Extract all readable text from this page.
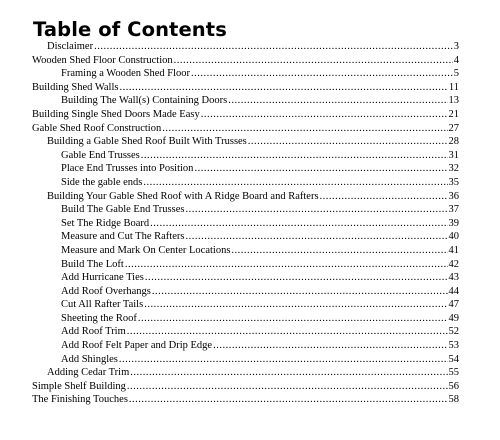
Table of Contents
Disclaimer .....	3
Wooden Shed Floor Construction .....	4
Framing a Wooden Shed Floor .....	5
Building Shed Walls .....	11
Building The Wall(s) Containing Doors .....	13
Building Single Shed Doors Made Easy .....	21
Gable Shed Roof Construction .....	27
Building a Gable Shed Roof Built With Trusses .....	28
Gable End Trusses .....	31
Place End Trusses into Position .....	32
Side the gable ends .....	35
Building Your Gable Shed Roof with A Ridge Board and Rafters .....	36
Build The Gable End Trusses .....	37
Set The Ridge Board .....	39
Measure and Cut The Rafters .....	40
Measure and Mark On Center Locations .....	41
Build The Loft .....	42
Add Hurricane Ties .....	43
Add Roof Overhangs .....	44
Cut All Rafter Tails .....	47
Sheeting the Roof .....	49
Add Roof Trim .....	52
Add Roof Felt Paper and Drip Edge .....	53
Add Shingles .....	54
Adding Cedar Trim .....	55
Simple Shelf Building .....	56
The Finishing Touches .....	58
